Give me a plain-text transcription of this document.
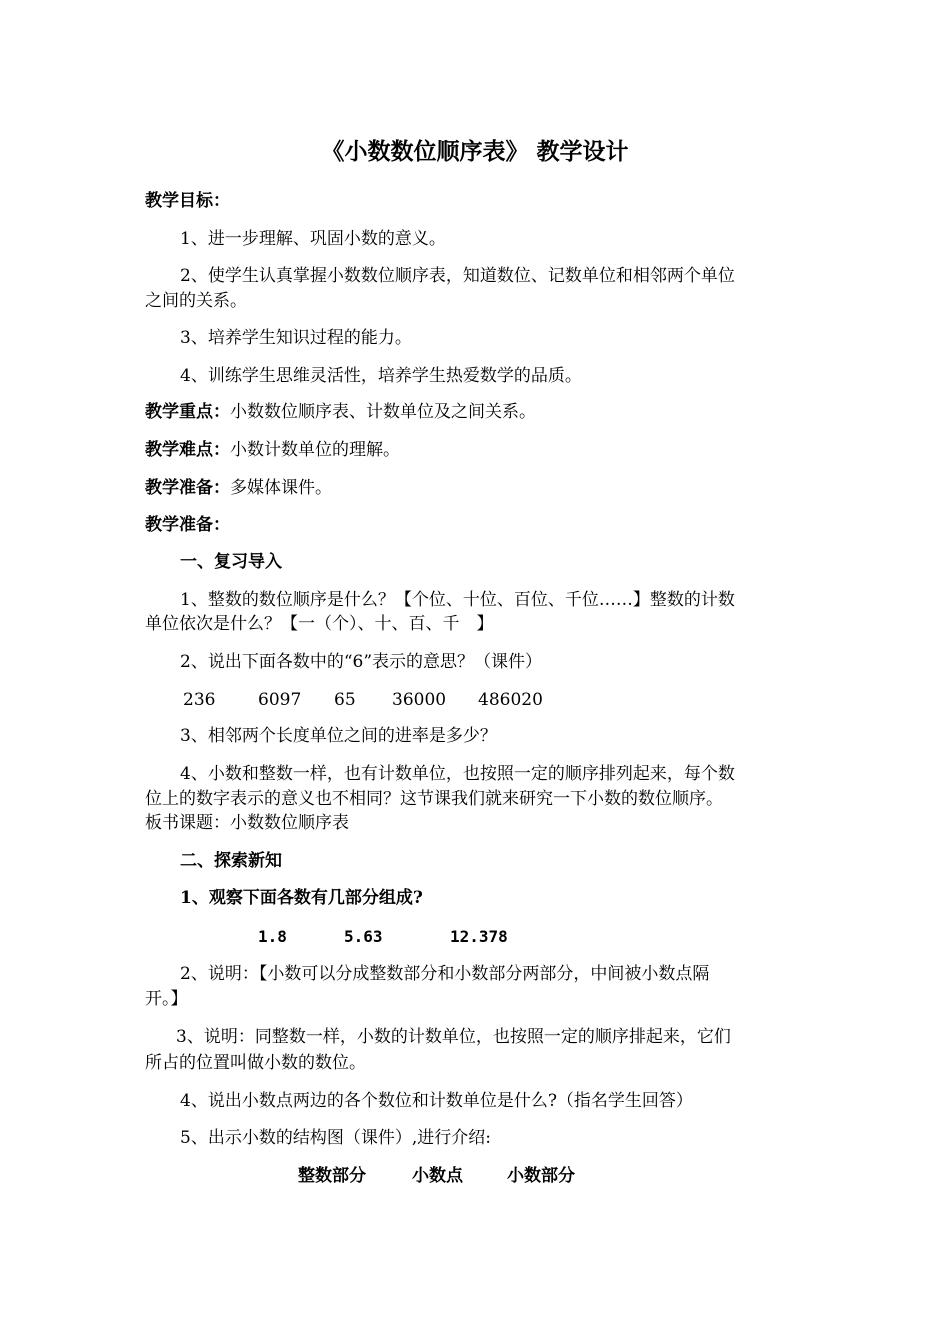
《小数数位顺序表》 教学设计
教学目标：
1、进一步理解、巩固小数的意义。
2、使学生认真掌握小数数位顺序表，知道数位、记数单位和相邻两个单位
之间的关系。
3、培养学生知识过程的能力。
4、训练学生思维灵活性，培养学生热爱数学的品质。
教学重点：小数数位顺序表、计数单位及之间关系。
教学难点：小数计数单位的理解。
教学准备：多媒体课件。
教学准备：
一、复习导入
1、整数的数位顺序是什么？【个位、十位、百位、千位……】整数的计数
单位依次是什么？【一（个）、十、百、千　】
2、说出下面各数中的“6”表示的意思？（课件）
236	6097 65 36000 486020
3、相邻两个长度单位之间的进率是多少？
4、小数和整数一样，也有计数单位，也按照一定的顺序排列起来，每个数
位上的数字表示的意义也不相同？这节课我们就来研究一下小数的数位顺序。
板书课题：小数数位顺序表
二、探索新知
1、观察下面各数有几部分组成?
1.8	5.63	12.378
2、说明：【小数可以分成整数部分和小数部分两部分，中间被小数点隔
开。】
3、说明：同整数一样，小数的计数单位，也按照一定的顺序排起来，它们
所占的位置叫做小数的数位。
4、说出小数点两边的各个数位和计数单位是什么?（指名学生回答）
5、出示小数的结构图（课件）,进行介绍:
整数部分	小数点	小数部分
